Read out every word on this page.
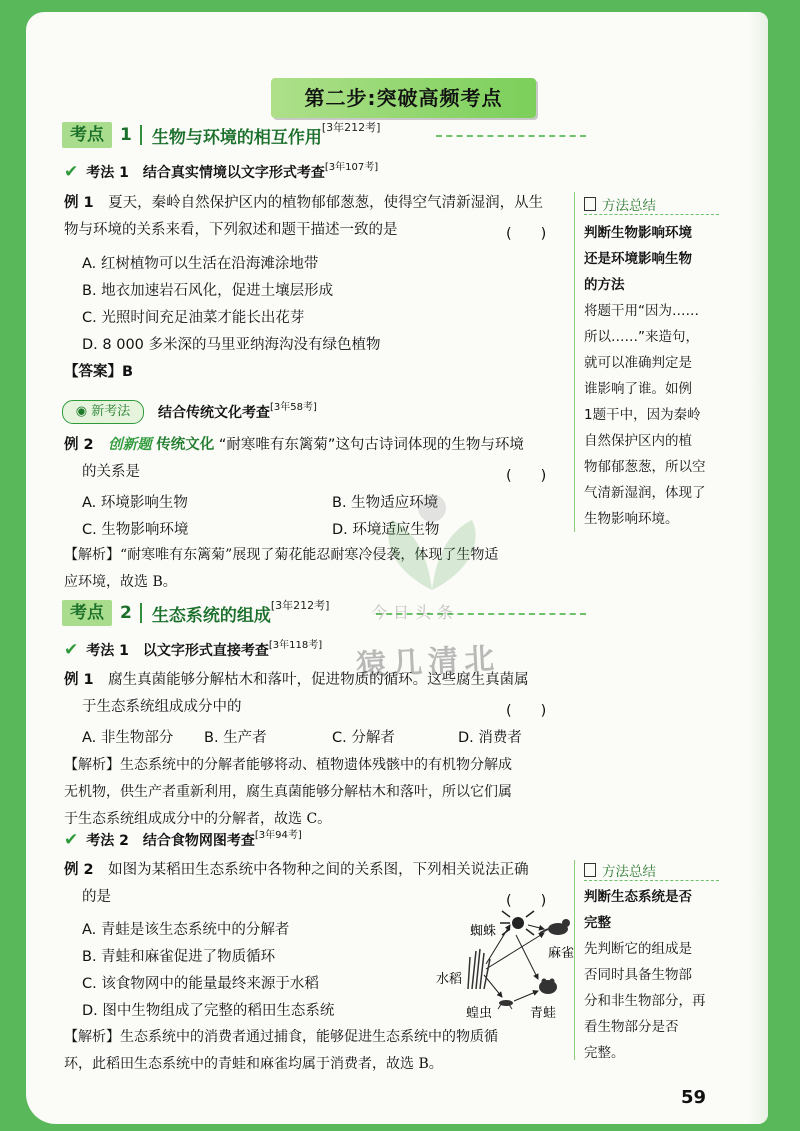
第二步:突破高频考点
考点 1 生物与环境的相互作用 [3年212考]
✔ 考法 1 结合真实情境以文字形式考查 [3年107考]
例 1　 夏天，秦岭自然保护区内的植物郁郁葱葱，使得空气清新湿润，从生
物与环境的关系来看，下列叙述和题干描述一致的是	(　　)
A. 红树植物可以生活在沿海滩涂地带
B. 地衣加速岩石风化，促进土壤层形成
C. 光照时间充足油菜才能长出花芽
D. 8 000 多米深的马里亚纳海沟没有绿色植物
【答案】B
◉ 新考法	结合传统文化考查 [3年58考]
例 2　 创新题 传统文化 “耐寒唯有东篱菊”这句古诗词体现的生物与环境
的关系是	(　　)
A. 环境影响生物	B. 生物适应环境
C. 生物影响环境	D. 环境适应生物
【解析】“耐寒唯有东篱菊”展现了菊花能忍耐寒冷侵袭，体现了生物适
应环境，故选 B。
考点 2 生态系统的组成 [3年212考]
✔ 考法 1 以文字形式直接考查 [3年118考]
例 1　 腐生真菌能够分解枯木和落叶，促进物质的循环。这些腐生真菌属
于生态系统组成成分中的	(　　)
A. 非生物部分 B. 生产者	C. 分解者	D. 消费者
【解析】生态系统中的分解者能够将动、植物遗体残骸中的有机物分解成
无机物，供生产者重新利用，腐生真菌能够分解枯木和落叶，所以它们属
于生态系统组成成分中的分解者，故选 C。
✔ 考法 2 结合食物网图考查 [3年94考]
例 2　 如图为某稻田生态系统中各物种之间的关系图，下列相关说法正确
的是	(　　)
A. 青蛙是该生态系统中的分解者
B. 青蛙和麻雀促进了物质循环
C. 该食物网中的能量最终来源于水稻
D. 图中生物组成了完整的稻田生态系统
蜘蛛
麻雀
水稻
蝗虫	青蛙
【解析】生态系统中的消费者通过捕食，能够促进生态系统中的物质循
环，此稻田生态系统中的青蛙和麻雀均属于消费者，故选 B。
方法总结
判断生物影响环境
还是环境影响生物
的方法
将题干用“因为……
所以……”来造句，
就可以准确判定是
谁影响了谁。如例
1题干中，因为秦岭
自然保护区内的植
物郁郁葱葱，所以空
气清新湿润，体现了
生物影响环境。
方法总结
判断生态系统是否
完整
先判断它的组成是
否同时具备生物部
分和非生物部分，再
看生物部分是否
完整。
今日头条
猿几清北
59
